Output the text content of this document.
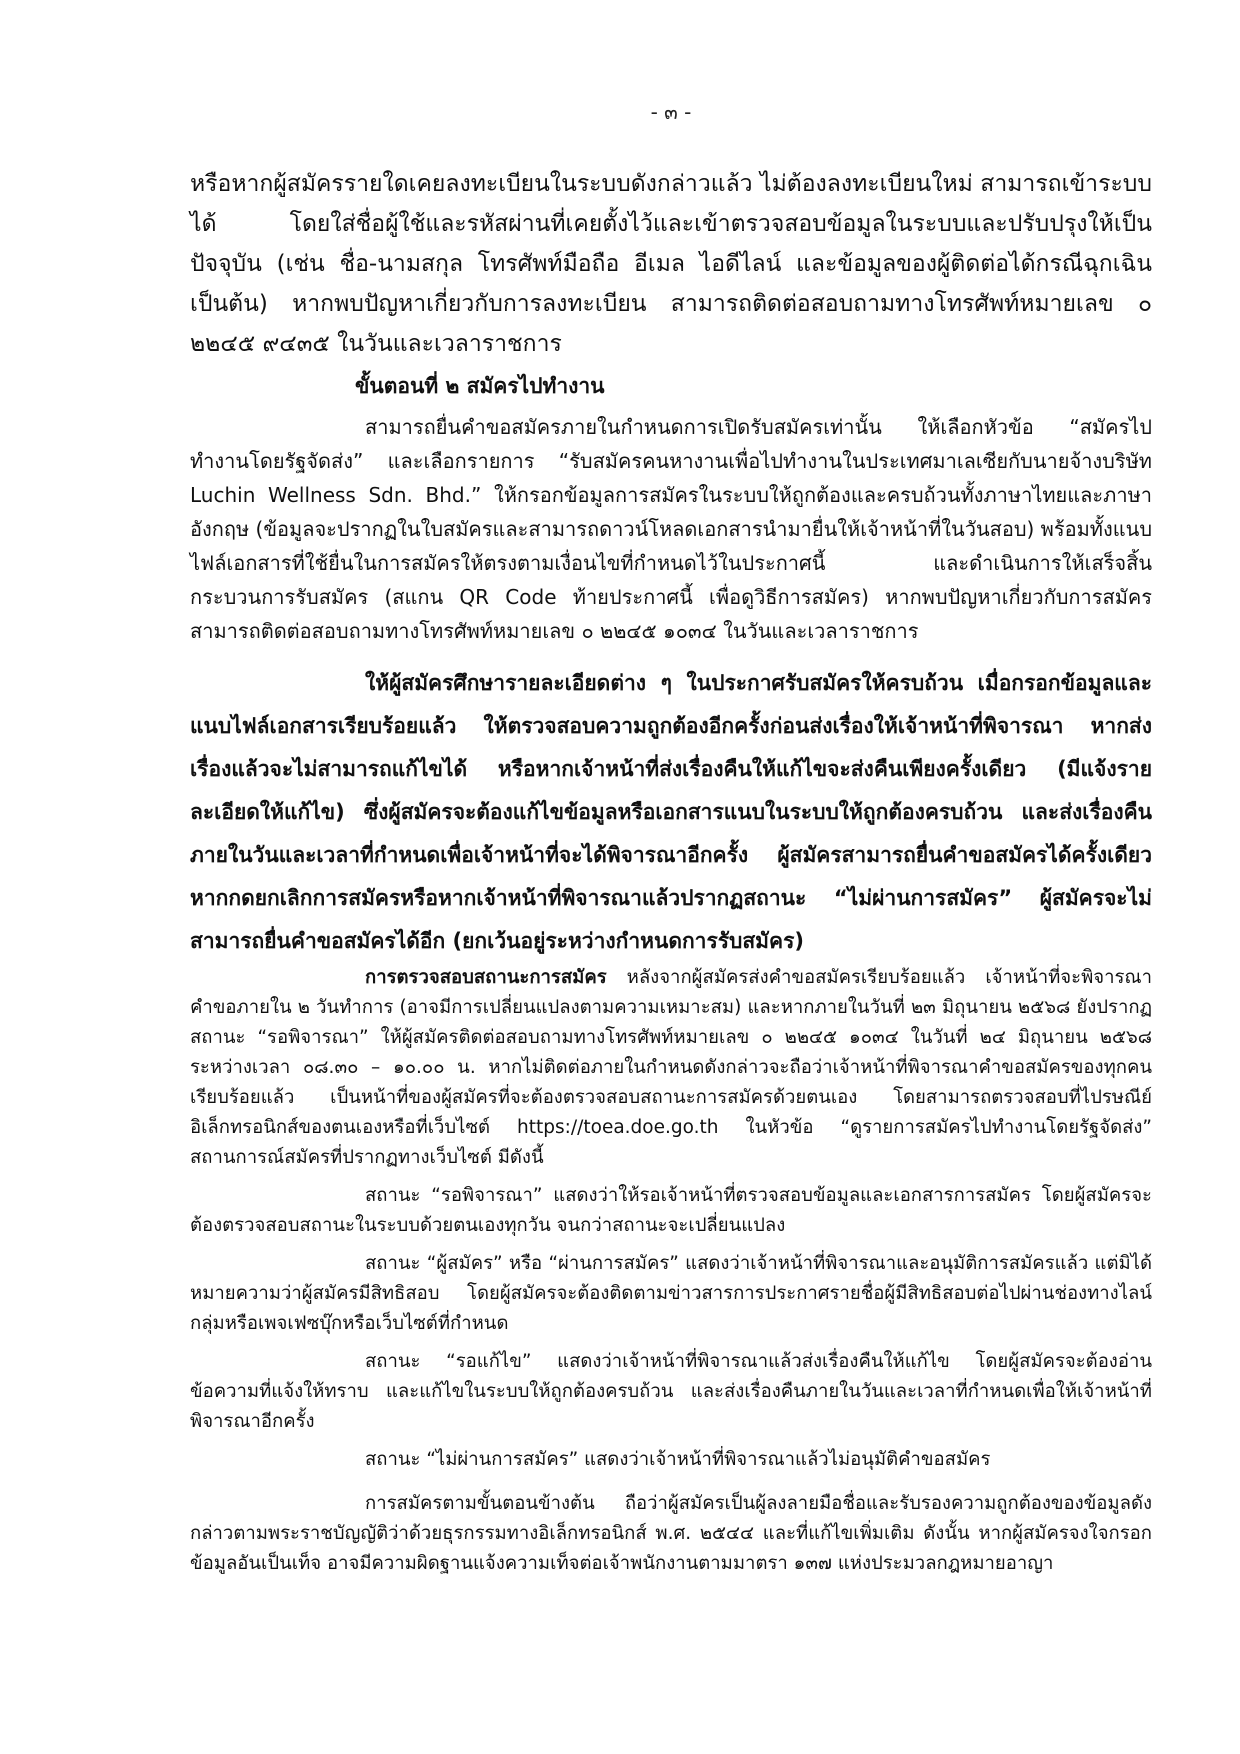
- ๓ -

หรือหากผู้สมัครรายใดเคยลงทะเบียนในระบบดังกล่าวแล้ว ไม่ต้องลงทะเบียนใหม่ สามารถเข้าระบบได้ โดยใส่ชื่อผู้ใช้และรหัสผ่านที่เคยตั้งไว้และเข้าตรวจสอบข้อมูลในระบบและปรับปรุงให้เป็นปัจจุบัน (เช่น ชื่อ-นามสกุล โทรศัพท์มือถือ อีเมล ไอดีไลน์ และข้อมูลของผู้ติดต่อได้กรณีฉุกเฉิน เป็นต้น) หากพบปัญหาเกี่ยวกับการลงทะเบียน สามารถติดต่อสอบถามทางโทรศัพท์หมายเลข ๐ ๒๒๔๕ ๙๔๓๕ ในวันและเวลาราชการ

ขั้นตอนที่ ๒ สมัครไปทำงาน

สามารถยื่นคำขอสมัครภายในกำหนดการเปิดรับสมัครเท่านั้น ให้เลือกหัวข้อ “สมัครไปทำงานโดยรัฐจัดส่ง” และเลือกรายการ “รับสมัครคนหางานเพื่อไปทำงานในประเทศมาเลเซียกับนายจ้างบริษัท Luchin Wellness Sdn. Bhd.” ให้กรอกข้อมูลการสมัครในระบบให้ถูกต้องและครบถ้วนทั้งภาษาไทยและภาษาอังกฤษ (ข้อมูลจะปรากฏในใบสมัครและสามารถดาวน์โหลดเอกสารนำมายื่นให้เจ้าหน้าที่ในวันสอบ) พร้อมทั้งแนบไฟล์เอกสารที่ใช้ยื่นในการสมัครให้ตรงตามเงื่อนไขที่กำหนดไว้ในประกาศนี้ และดำเนินการให้เสร็จสิ้นกระบวนการรับสมัคร (สแกน QR Code ท้ายประกาศนี้ เพื่อดูวิธีการสมัคร) หากพบปัญหาเกี่ยวกับการสมัคร สามารถติดต่อสอบถามทางโทรศัพท์หมายเลข ๐ ๒๒๔๕ ๑๐๓๔ ในวันและเวลาราชการ

ให้ผู้สมัครศึกษารายละเอียดต่าง ๆ ในประกาศรับสมัครให้ครบถ้วน เมื่อกรอกข้อมูลและแนบไฟล์เอกสารเรียบร้อยแล้ว ให้ตรวจสอบความถูกต้องอีกครั้งก่อนส่งเรื่องให้เจ้าหน้าที่พิจารณา หากส่งเรื่องแล้วจะไม่สามารถแก้ไขได้ หรือหากเจ้าหน้าที่ส่งเรื่องคืนให้แก้ไขจะส่งคืนเพียงครั้งเดียว (มีแจ้งรายละเอียดให้แก้ไข) ซึ่งผู้สมัครจะต้องแก้ไขข้อมูลหรือเอกสารแนบในระบบให้ถูกต้องครบถ้วน และส่งเรื่องคืนภายในวันและเวลาที่กำหนดเพื่อเจ้าหน้าที่จะได้พิจารณาอีกครั้ง ผู้สมัครสามารถยื่นคำขอสมัครได้ครั้งเดียว หากกดยกเลิกการสมัครหรือหากเจ้าหน้าที่พิจารณาแล้วปรากฏสถานะ “ไม่ผ่านการสมัคร” ผู้สมัครจะไม่สามารถยื่นคำขอสมัครได้อีก (ยกเว้นอยู่ระหว่างกำหนดการรับสมัคร)

การตรวจสอบสถานะการสมัคร หลังจากผู้สมัครส่งคำขอสมัครเรียบร้อยแล้ว เจ้าหน้าที่จะพิจารณาคำขอภายใน ๒ วันทำการ (อาจมีการเปลี่ยนแปลงตามความเหมาะสม) และหากภายในวันที่ ๒๓ มิถุนายน ๒๕๖๘ ยังปรากฏสถานะ “รอพิจารณา” ให้ผู้สมัครติดต่อสอบถามทางโทรศัพท์หมายเลข ๐ ๒๒๔๕ ๑๐๓๔ ในวันที่ ๒๔ มิถุนายน ๒๕๖๘ ระหว่างเวลา ๐๘.๓๐ – ๑๐.๐๐ น. หากไม่ติดต่อภายในกำหนดดังกล่าวจะถือว่าเจ้าหน้าที่พิจารณาคำขอสมัครของทุกคนเรียบร้อยแล้ว เป็นหน้าที่ของผู้สมัครที่จะต้องตรวจสอบสถานะการสมัครด้วยตนเอง โดยสามารถตรวจสอบที่ไปรษณีย์อิเล็กทรอนิกส์ของตนเองหรือที่เว็บไซต์ https://toea.doe.go.th ในหัวข้อ “ดูรายการสมัครไปทำงานโดยรัฐจัดส่ง” สถานการณ์สมัครที่ปรากฏทางเว็บไซต์ มีดังนี้

สถานะ “รอพิจารณา” แสดงว่าให้รอเจ้าหน้าที่ตรวจสอบข้อมูลและเอกสารการสมัคร โดยผู้สมัครจะต้องตรวจสอบสถานะในระบบด้วยตนเองทุกวัน จนกว่าสถานะจะเปลี่ยนแปลง

สถานะ “ผู้สมัคร” หรือ “ผ่านการสมัคร” แสดงว่าเจ้าหน้าที่พิจารณาและอนุมัติการสมัครแล้ว แต่มิได้หมายความว่าผู้สมัครมีสิทธิสอบ โดยผู้สมัครจะต้องติดตามข่าวสารการประกาศรายชื่อผู้มีสิทธิสอบต่อไปผ่านช่องทางไลน์กลุ่มหรือเพจเฟซบุ๊กหรือเว็บไซต์ที่กำหนด

สถานะ “รอแก้ไข” แสดงว่าเจ้าหน้าที่พิจารณาแล้วส่งเรื่องคืนให้แก้ไข โดยผู้สมัครจะต้องอ่านข้อความที่แจ้งให้ทราบ และแก้ไขในระบบให้ถูกต้องครบถ้วน และส่งเรื่องคืนภายในวันและเวลาที่กำหนดเพื่อให้เจ้าหน้าที่พิจารณาอีกครั้ง

สถานะ “ไม่ผ่านการสมัคร” แสดงว่าเจ้าหน้าที่พิจารณาแล้วไม่อนุมัติคำขอสมัคร

การสมัครตามขั้นตอนข้างต้น ถือว่าผู้สมัครเป็นผู้ลงลายมือชื่อและรับรองความถูกต้องของข้อมูลดังกล่าวตามพระราชบัญญัติว่าด้วยธุรกรรมทางอิเล็กทรอนิกส์ พ.ศ. ๒๕๔๔ และที่แก้ไขเพิ่มเติม ดังนั้น หากผู้สมัครจงใจกรอกข้อมูลอันเป็นเท็จ อาจมีความผิดฐานแจ้งความเท็จต่อเจ้าพนักงานตามมาตรา ๑๓๗ แห่งประมวลกฎหมายอาญา
